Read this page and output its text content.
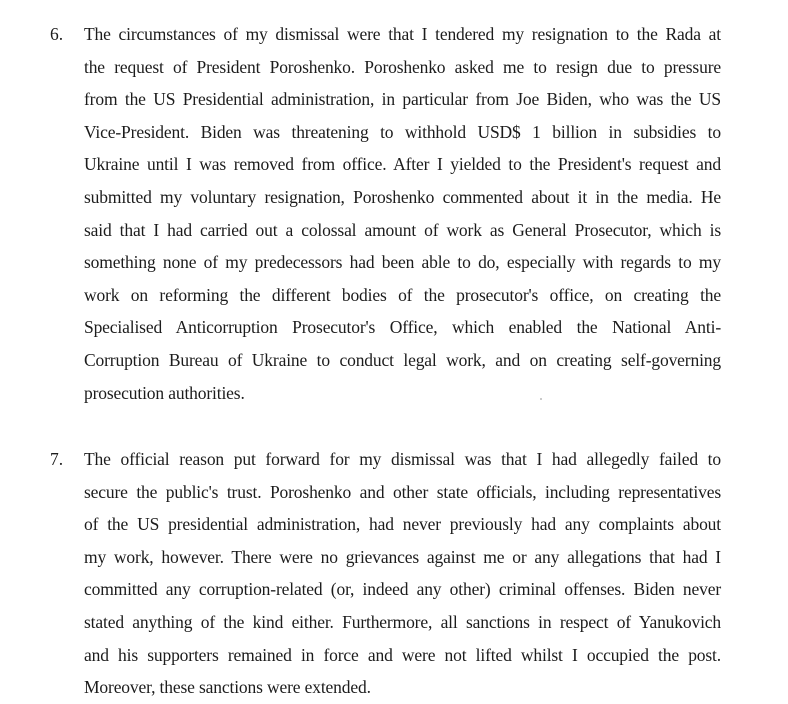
6. The circumstances of my dismissal were that I tendered my resignation to the Rada at
the request of President Poroshenko. Poroshenko asked me to resign due to pressure
from the US Presidential administration, in particular from Joe Biden, who was the US
Vice-President. Biden was threatening to withhold USD$ 1 billion in subsidies to
Ukraine until I was removed from office. After I yielded to the President's request and
submitted my voluntary resignation, Poroshenko commented about it in the media. He
said that I had carried out a colossal amount of work as General Prosecutor, which is
something none of my predecessors had been able to do, especially with regards to my
work on reforming the different bodies of the prosecutor's office, on creating the
Specialised Anticorruption Prosecutor's Office, which enabled the National Anti-
Corruption Bureau of Ukraine to conduct legal work, and on creating self-governing
prosecution authorities.
7. The official reason put forward for my dismissal was that I had allegedly failed to
secure the public's trust. Poroshenko and other state officials, including representatives
of the US presidential administration, had never previously had any complaints about
my work, however. There were no grievances against me or any allegations that had I
committed any corruption-related (or, indeed any other) criminal offenses. Biden never
stated anything of the kind either. Furthermore, all sanctions in respect of Yanukovich
and his supporters remained in force and were not lifted whilst I occupied the post.
Moreover, these sanctions were extended.
